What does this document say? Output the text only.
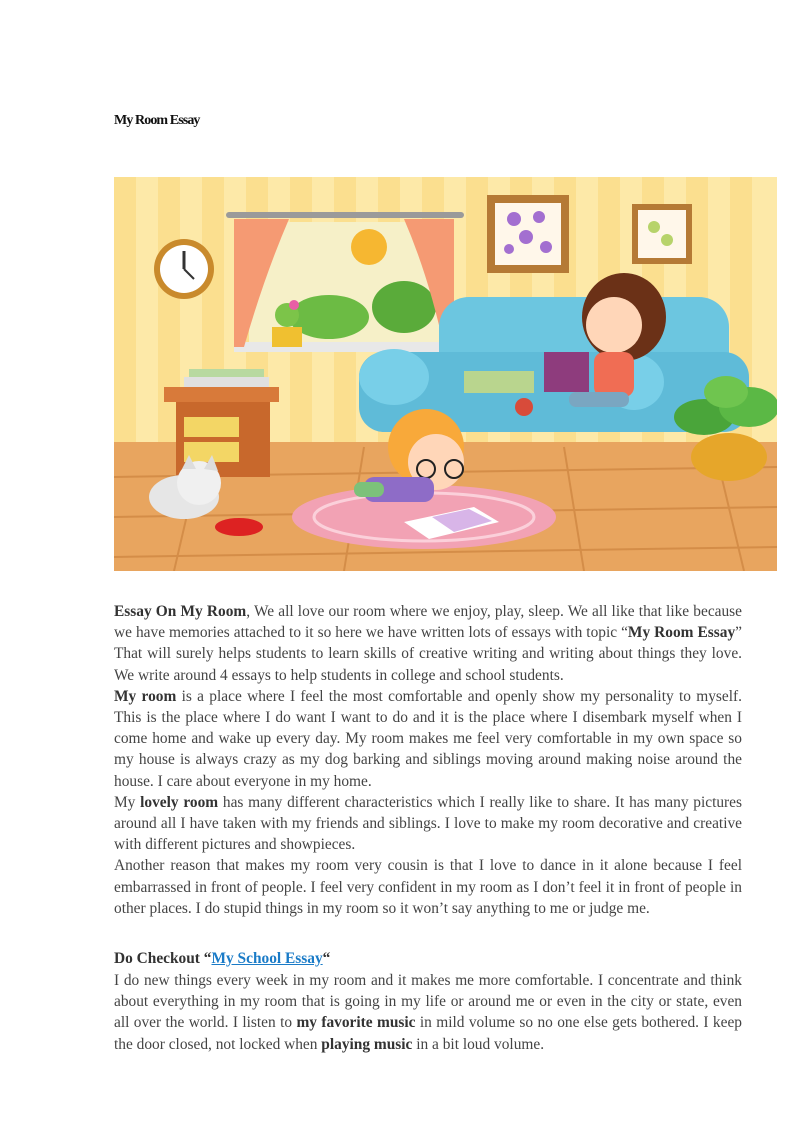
My Room Essay

Essay On My Room, We all love our room where we enjoy, play, sleep. We all like that like because we have memories attached to it so here we have written lots of essays with topic “My Room Essay” That will surely helps students to learn skills of creative writing and writing about things they love. We write around 4 essays to help students in college and school students.

My room is a place where I feel the most comfortable and openly show my personality to myself. This is the place where I do want I want to do and it is the place where I disembark myself when I come home and wake up every day. My room makes me feel very comfortable in my own space so my house is always crazy as my dog barking and siblings moving around making noise around the house. I care about everyone in my home.

My lovely room has many different characteristics which I really like to share. It has many pictures around all I have taken with my friends and siblings. I love to make my room decorative and creative with different pictures and showpieces.

Another reason that makes my room very cousin is that I love to dance in it alone because I feel embarrassed in front of people. I feel very confident in my room as I don’t feel it in front of people in other places. I do stupid things in my room so it won’t say anything to me or judge me.

Do Checkout “My School Essay“

I do new things every week in my room and it makes me more comfortable. I concentrate and think about everything in my room that is going in my life or around me or even in the city or state, even all over the world. I listen to my favorite music in mild volume so no one else gets bothered. I keep the door closed, not locked when playing music in a bit loud volume.
